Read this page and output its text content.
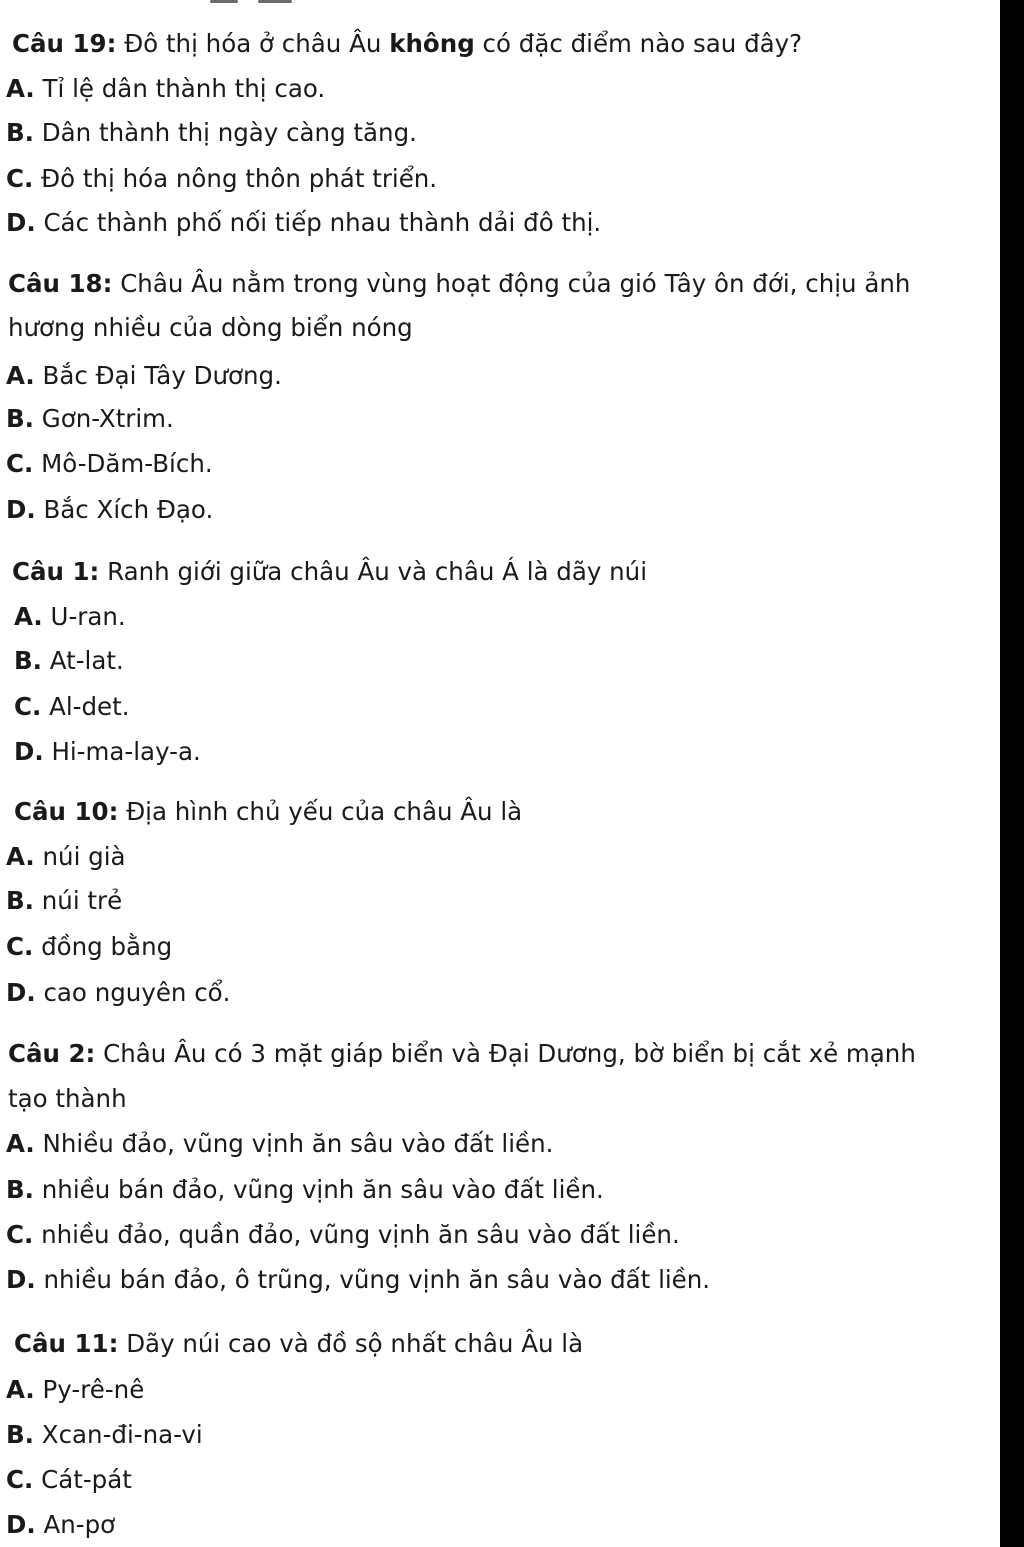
Câu 19: Đô thị hóa ở châu Âu không có đặc điểm nào sau đây?
A. Tỉ lệ dân thành thị cao.
B. Dân thành thị ngày càng tăng.
C. Đô thị hóa nông thôn phát triển.
D. Các thành phố nối tiếp nhau thành dải đô thị.
Câu 18: Châu Âu nằm trong vùng hoạt động của gió Tây ôn đới, chịu ảnh
hương nhiều của dòng biển nóng
A. Bắc Đại Tây Dương.
B. Gơn-Xtrim.
C. Mô-Dăm-Bích.
D. Bắc Xích Đạo.
Câu 1: Ranh giới giữa châu Âu và châu Á là dãy núi
A. U-ran.
B. At-lat.
C. Al-det.
D. Hi-ma-lay-a.
Câu 10: Địa hình chủ yếu của châu Âu là
A. núi già
B. núi trẻ
C. đồng bằng
D. cao nguyên cổ.
Câu 2: Châu Âu có 3 mặt giáp biển và Đại Dương, bờ biển bị cắt xẻ mạnh
tạo thành
A. Nhiều đảo, vũng vịnh ăn sâu vào đất liền.
B. nhiều bán đảo, vũng vịnh ăn sâu vào đất liền.
C. nhiều đảo, quần đảo, vũng vịnh ăn sâu vào đất liền.
D. nhiều bán đảo, ô trũng, vũng vịnh ăn sâu vào đất liền.
Câu 11: Dãy núi cao và đồ sộ nhất châu Âu là
A. Py-rê-nê
B. Xcan-đi-na-vi
C. Cát-pát
D. An-pơ
